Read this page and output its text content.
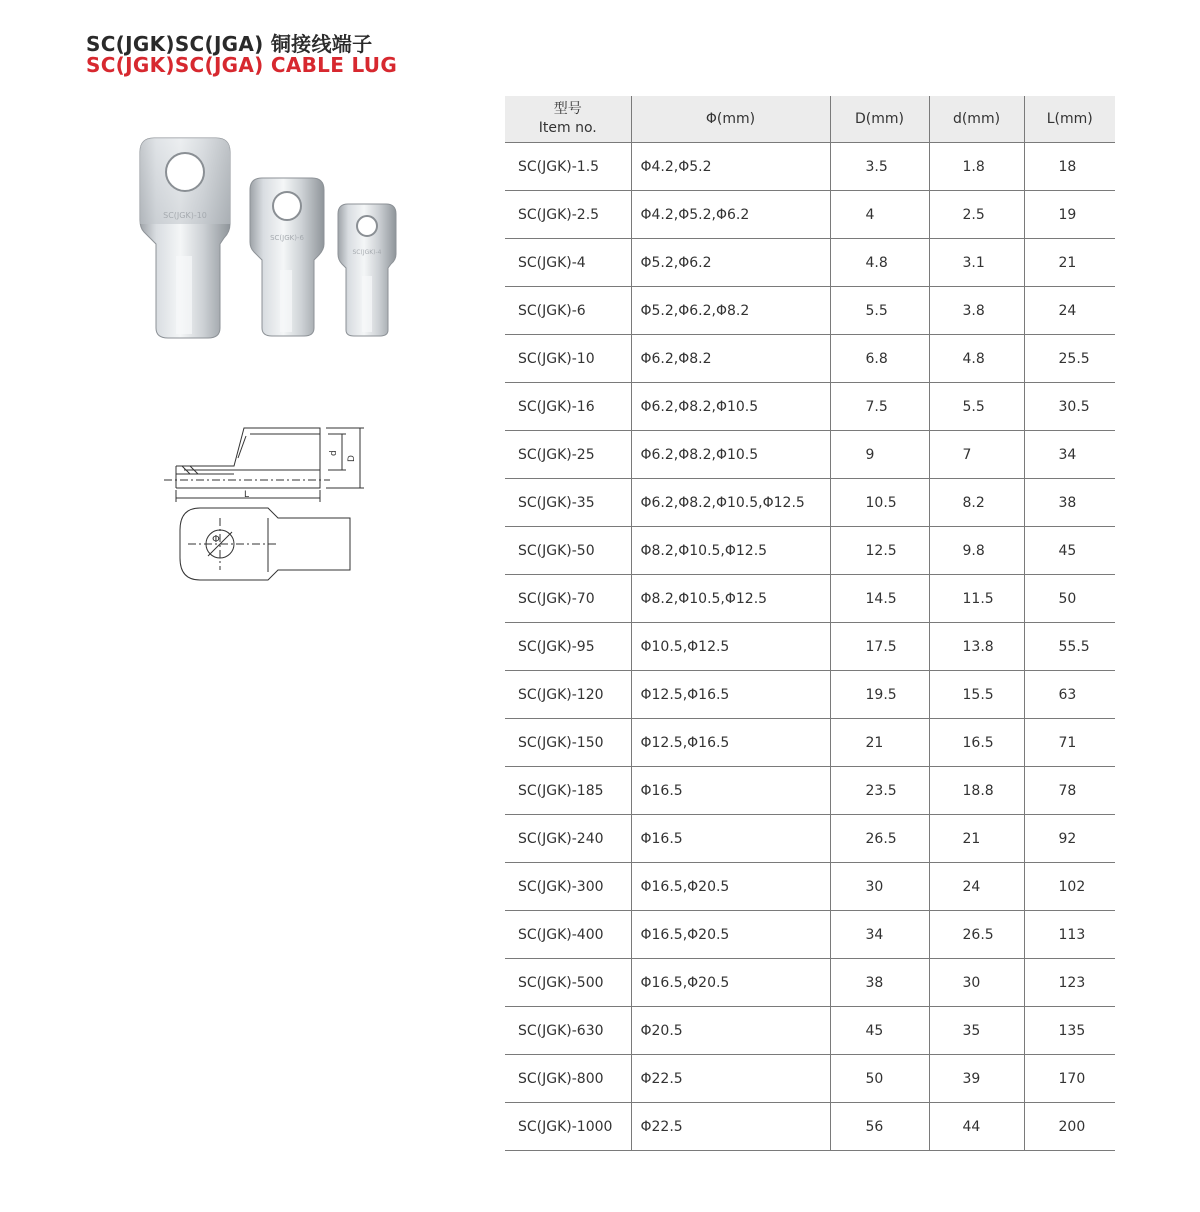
SC(JGK)SC(JGA) 铜接线端子
SC(JGK)SC(JGA) CABLE LUG
SC(JGK)-10
SC(JGK)-6
SC(JGK)-4
d
D
L
Φ
型号
Item no.	Φ(mm)	D(mm)	d(mm)	L(mm)
SC(JGK)-1.5	Φ4.2,Φ5.2	3.5	1.8	18
SC(JGK)-2.5	Φ4.2,Φ5.2,Φ6.2	4	2.5	19
SC(JGK)-4	Φ5.2,Φ6.2	4.8	3.1	21
SC(JGK)-6	Φ5.2,Φ6.2,Φ8.2	5.5	3.8	24
SC(JGK)-10	Φ6.2,Φ8.2	6.8	4.8	25.5
SC(JGK)-16	Φ6.2,Φ8.2,Φ10.5	7.5	5.5	30.5
SC(JGK)-25	Φ6.2,Φ8.2,Φ10.5	9	7	34
SC(JGK)-35	Φ6.2,Φ8.2,Φ10.5,Φ12.5	10.5	8.2	38
SC(JGK)-50	Φ8.2,Φ10.5,Φ12.5	12.5	9.8	45
SC(JGK)-70	Φ8.2,Φ10.5,Φ12.5	14.5	11.5	50
SC(JGK)-95	Φ10.5,Φ12.5	17.5	13.8	55.5
SC(JGK)-120	Φ12.5,Φ16.5	19.5	15.5	63
SC(JGK)-150	Φ12.5,Φ16.5	21	16.5	71
SC(JGK)-185	Φ16.5	23.5	18.8	78
SC(JGK)-240	Φ16.5	26.5	21	92
SC(JGK)-300	Φ16.5,Φ20.5	30	24	102
SC(JGK)-400	Φ16.5,Φ20.5	34	26.5	113
SC(JGK)-500	Φ16.5,Φ20.5	38	30	123
SC(JGK)-630	Φ20.5	45	35	135
SC(JGK)-800	Φ22.5	50	39	170
SC(JGK)-1000	Φ22.5	56	44	200
